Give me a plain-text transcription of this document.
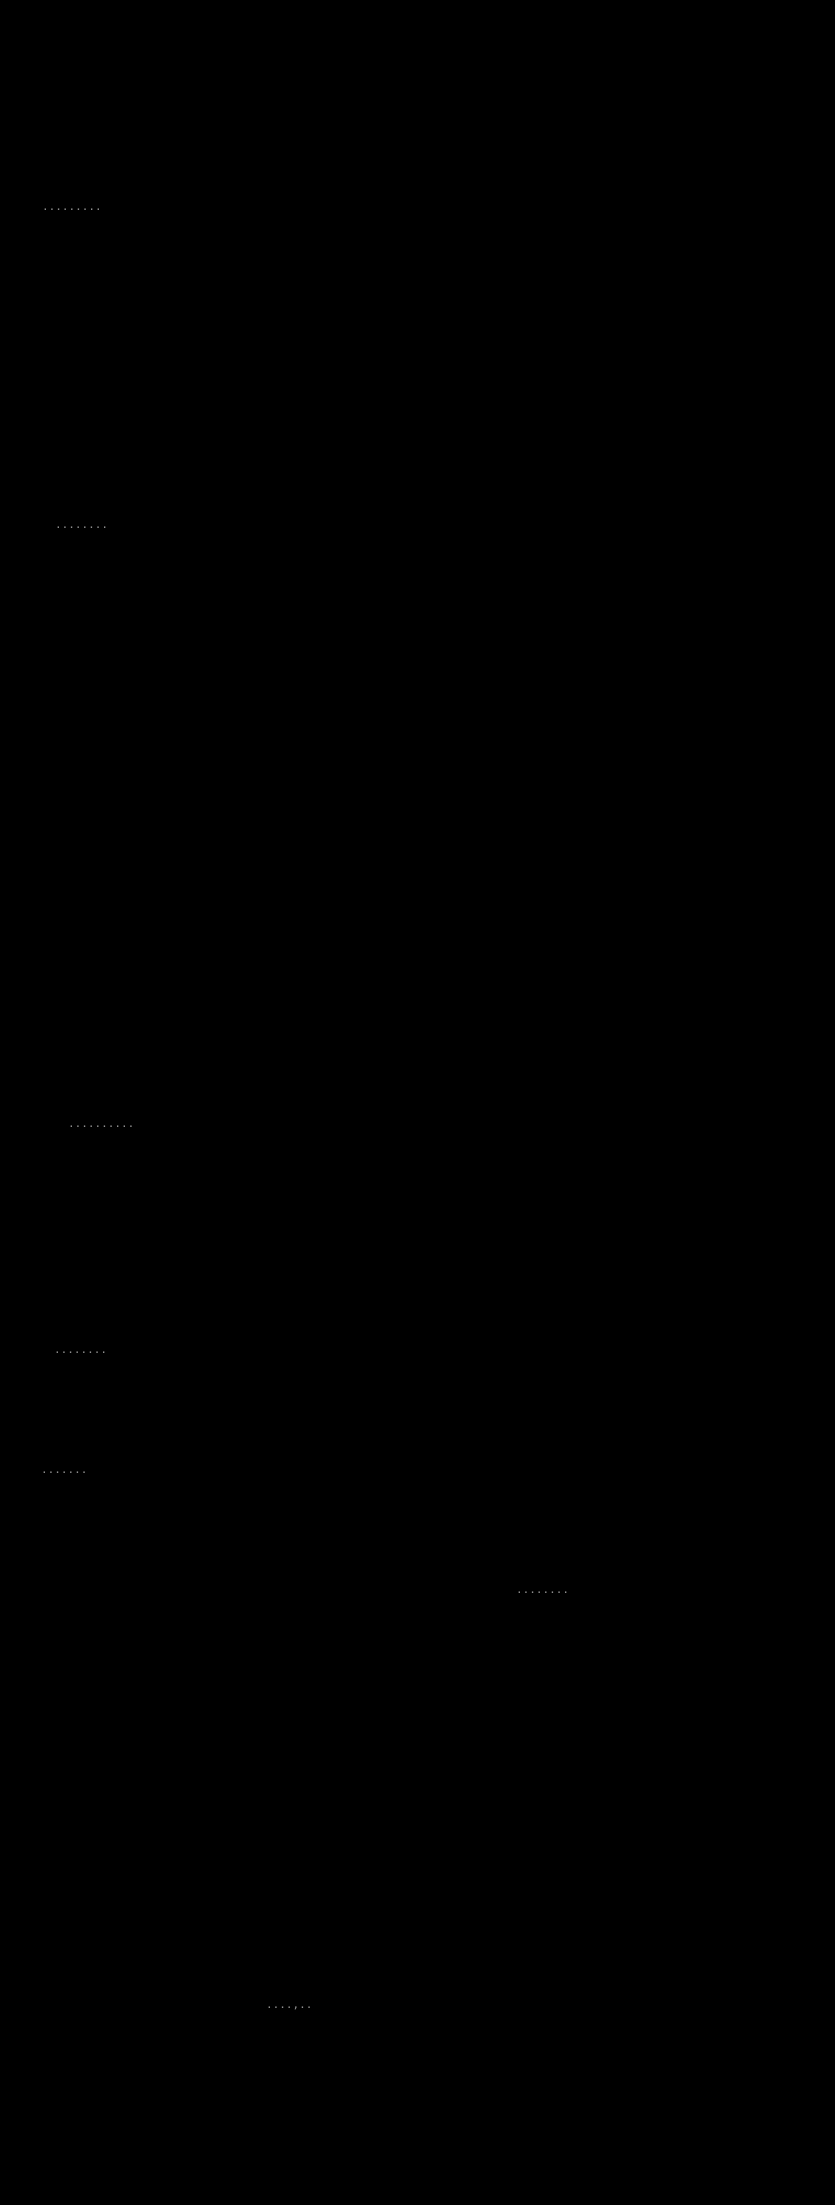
.........
........
..........
........
.......
........
....,..
